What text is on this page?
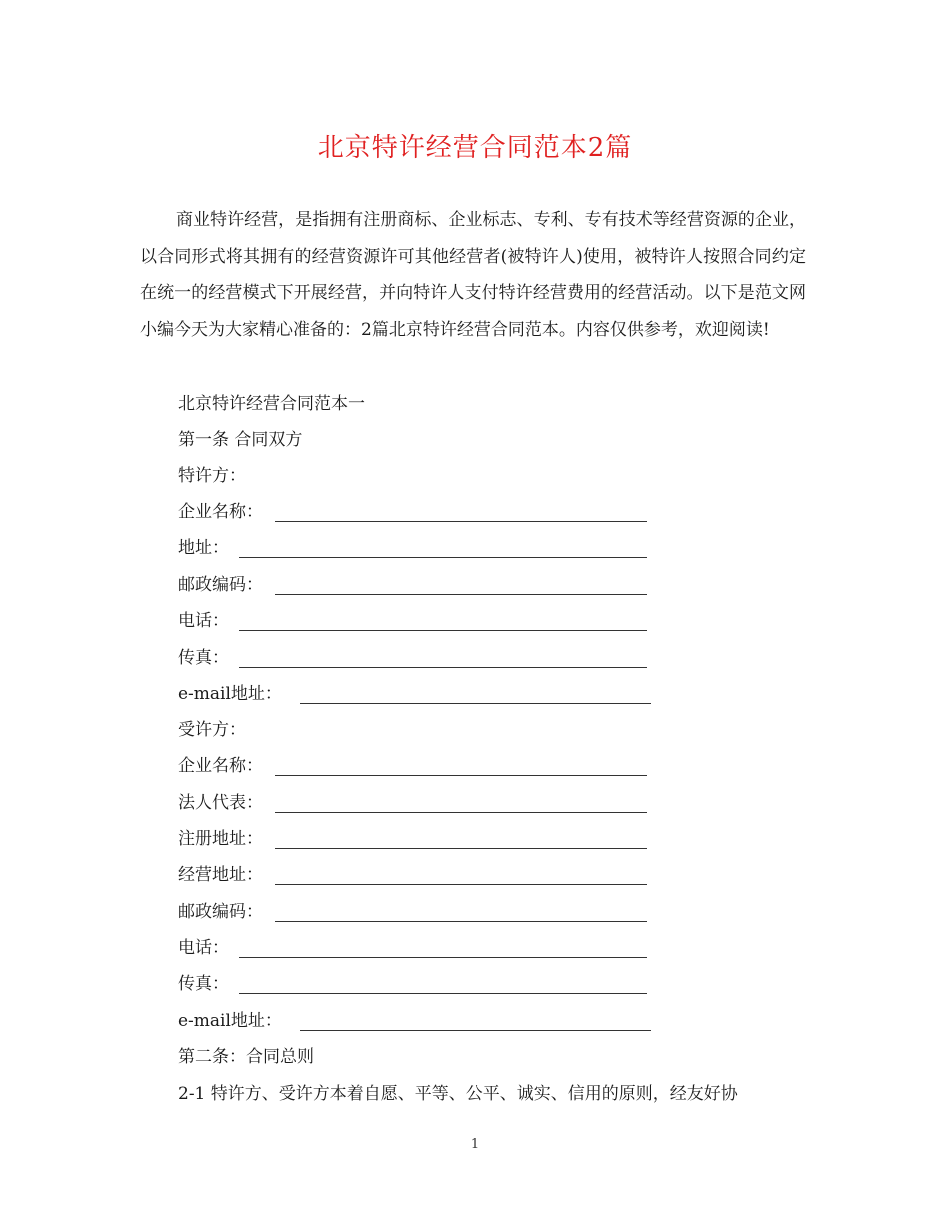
北京特许经营合同范本2篇

商业特许经营，是指拥有注册商标、企业标志、专利、专有技术等经营资源的企业，以合同形式将其拥有的经营资源许可其他经营者(被特许人)使用，被特许人按照合同约定在统一的经营模式下开展经营，并向特许人支付特许经营费用的经营活动。以下是范文网小编今天为大家精心准备的：2篇北京特许经营合同范本。内容仅供参考，欢迎阅读!

北京特许经营合同范本一

第一条 合同双方

特许方：

企业名称：
地址：
邮政编码：
电话：
传真：
e-mail地址：

受许方：

企业名称：
法人代表：
注册地址：
经营地址：
邮政编码：
电话：
传真：
e-mail地址：

第二条：合同总则

2-1 特许方、受许方本着自愿、平等、公平、诚实、信用的原则，经友好协

1
